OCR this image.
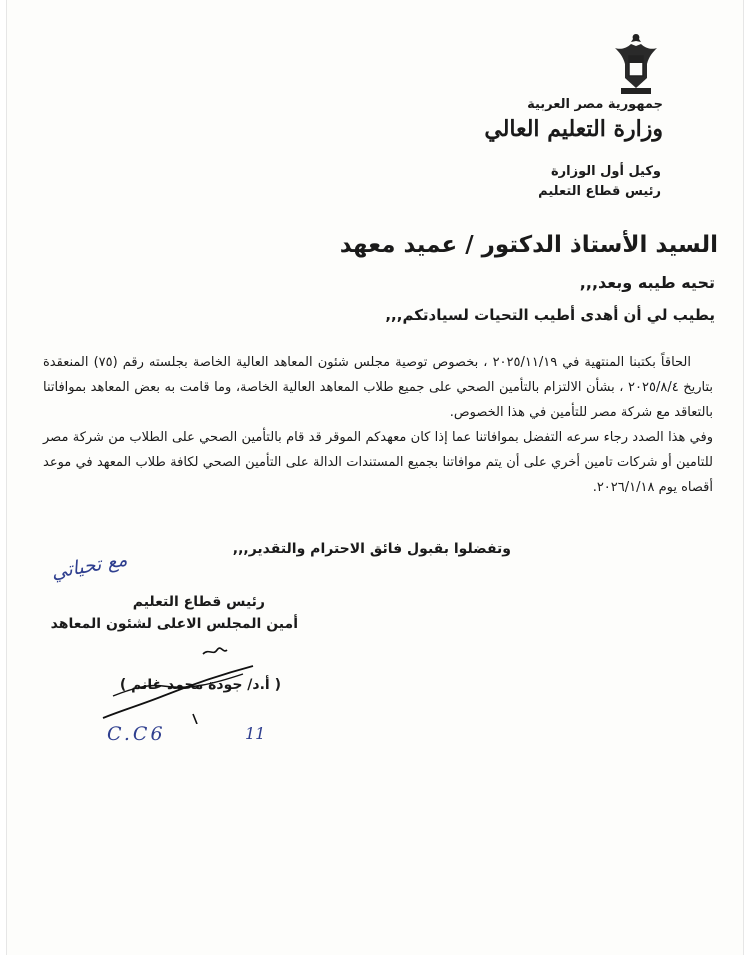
جمهورية مصر العربية
وزارة التعليم العالي
وكيل أول الوزارة
رئيس قطاع التعليم
السيد الأستاذ الدكتور / عميد معهد
تحيه طيبه وبعد,,,
يطيب لي أن أهدى أطيب التحيات لسيادتكم,,,

الحاقاً بكتبنا المنتهية في ٢٠٢٥/١١/١٩ ، بخصوص توصية مجلس شئون المعاهد العالية الخاصة بجلسته رقم (٧٥) المنعقدة بتاريخ ٢٠٢٥/٨/٤ ، بشأن الالتزام بالتأمين الصحي على جميع طلاب المعاهد العالية الخاصة، وما قامت به بعض المعاهد بموافاتنا بالتعاقد مع شركة مصر للتأمين في هذا الخصوص.

وفي هذا الصدد رجاء سرعه التفضل بموافاتنا عما إذا كان معهدكم الموقر قد قام بالتأمين الصحي على الطلاب من شركة مصر للتامين أو شركات تامين أخري على أن يتم موافاتنا بجميع المستندات الدالة على التأمين الصحي لكافة طلاب المعهد في موعد أقصاه يوم ٢٠٢٦/١/١٨.

وتفضلوا بقبول فائق الاحترام والتقدير,,,
مع تحياتي
رئيس قطاع التعليم
أمين المجلس الاعلى لشئون المعاهد
( أ.د/ جودة محمد غانم )
C.C6	11
